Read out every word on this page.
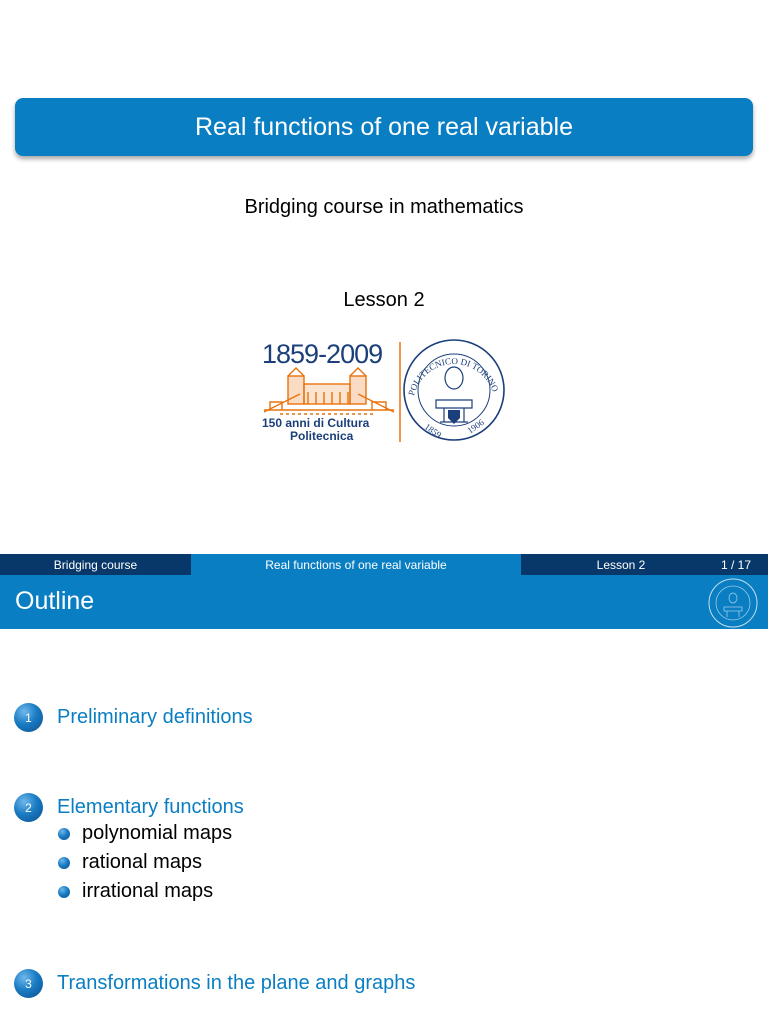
Real functions of one real variable
Bridging course in mathematics
Lesson 2
1859-2009
150 anni di Cultura
Politecnica
POLITECNICO DI TORINO
1859 1906
Bridging course	Real functions of one real variable	Lesson 2	1 / 17
Outline
1 Preliminary definitions
2 Elementary functions
polynomial maps
rational maps
irrational maps
3 Transformations in the plane and graphs
